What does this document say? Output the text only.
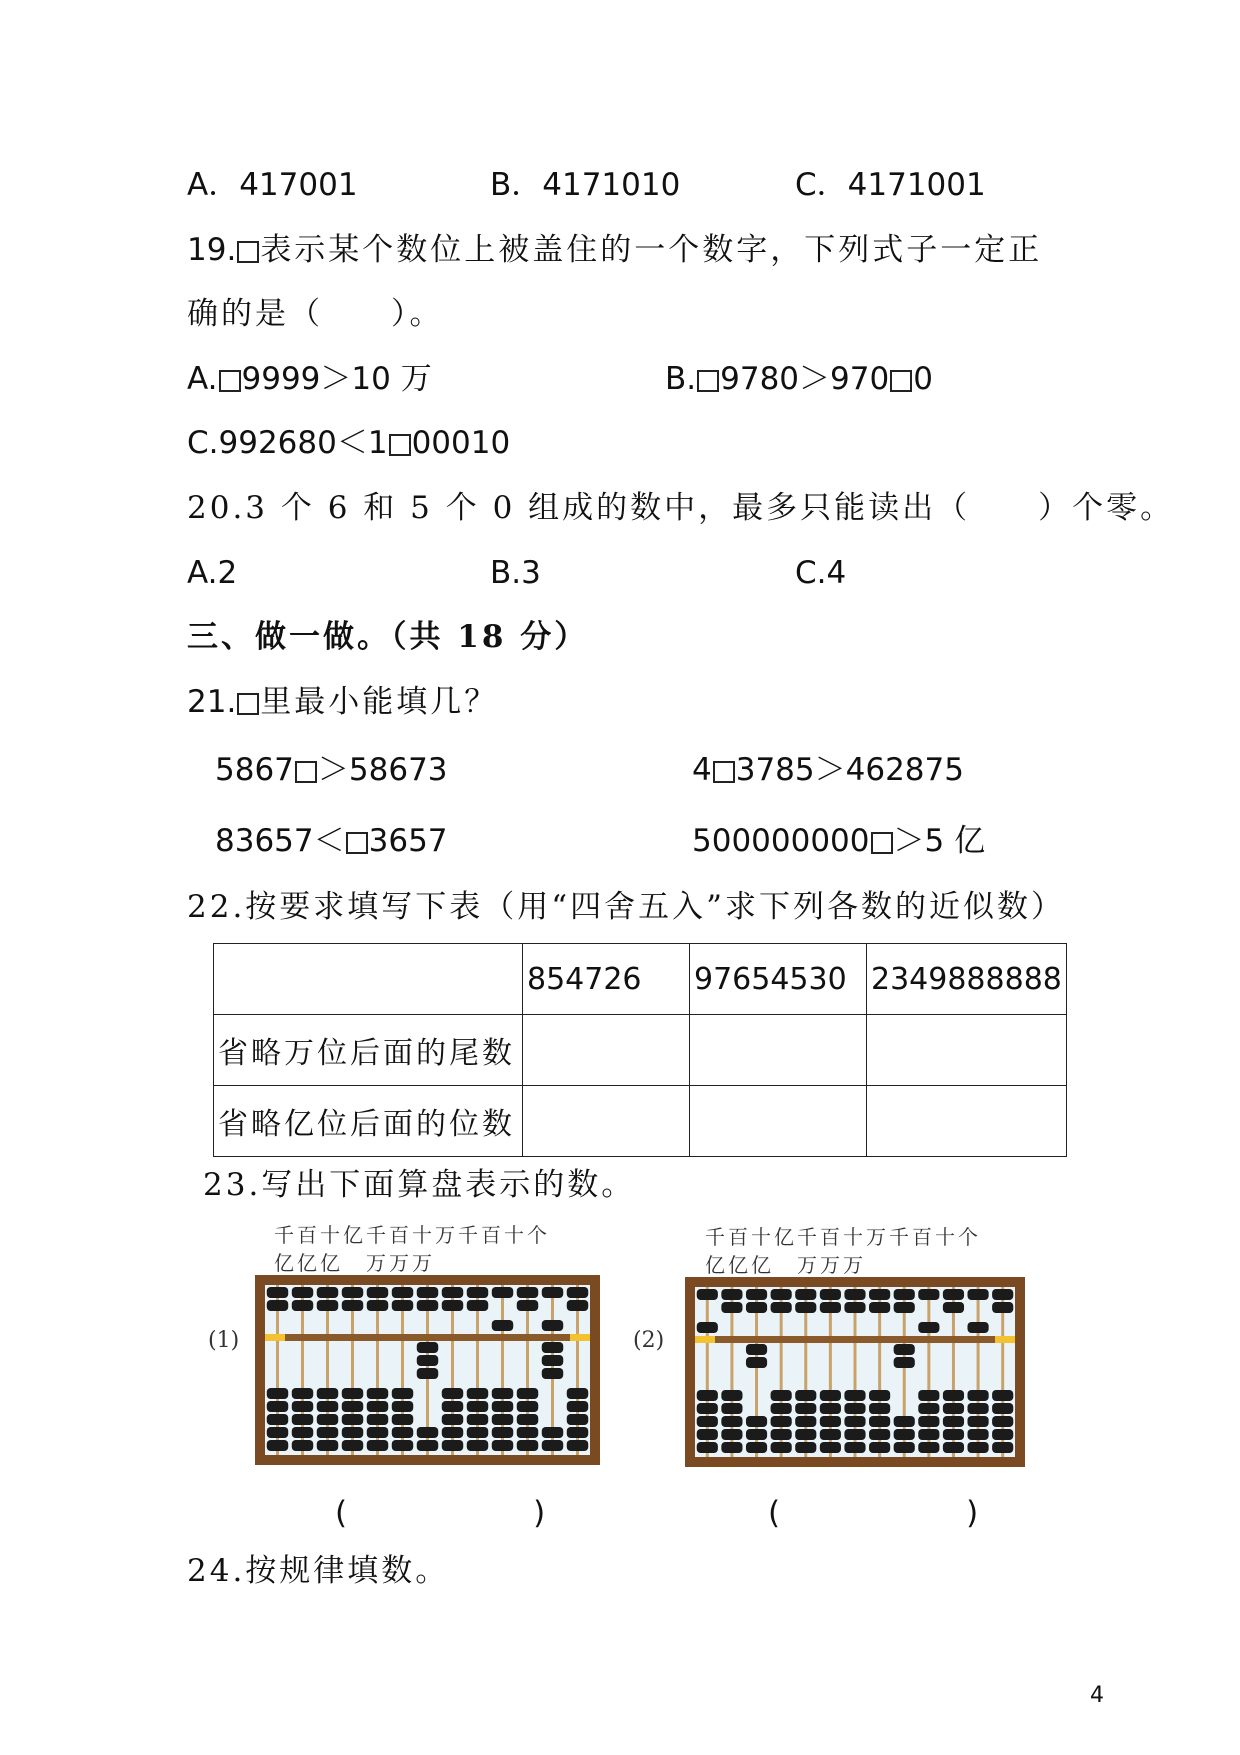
A．417001	B．4171010	C．4171001
19. 表示某个数位上被盖住的一个数字，下列式子一定正
确的是（　　）。
A. 9999＞10 万	B. 9780＞970 0
C.992680＜1 00010
20.3 个 6 和 5 个 0 组成的数中，最多只能读出（　　）个零。
A.2	B.3	C.4
三、做一做。（共 18 分）
21. 里最小能填几？
5867 ＞58673	4 3785＞462875
83657＜ 3657	500000000 ＞5 亿
22.按要求填写下表（用“四舍五入”求下列各数的近似数）
	854726	97654530	2349888888
省略万位后面的尾数			
省略亿位后面的位数			
23.写出下面算盘表示的数。
千百十亿千百十万千百十个
亿亿亿　万万万
(1)
(　　　　　　)
千百十亿千百十万千百十个
亿亿亿　万万万
(2)
(　　　　　　)
24.按规律填数。
4
